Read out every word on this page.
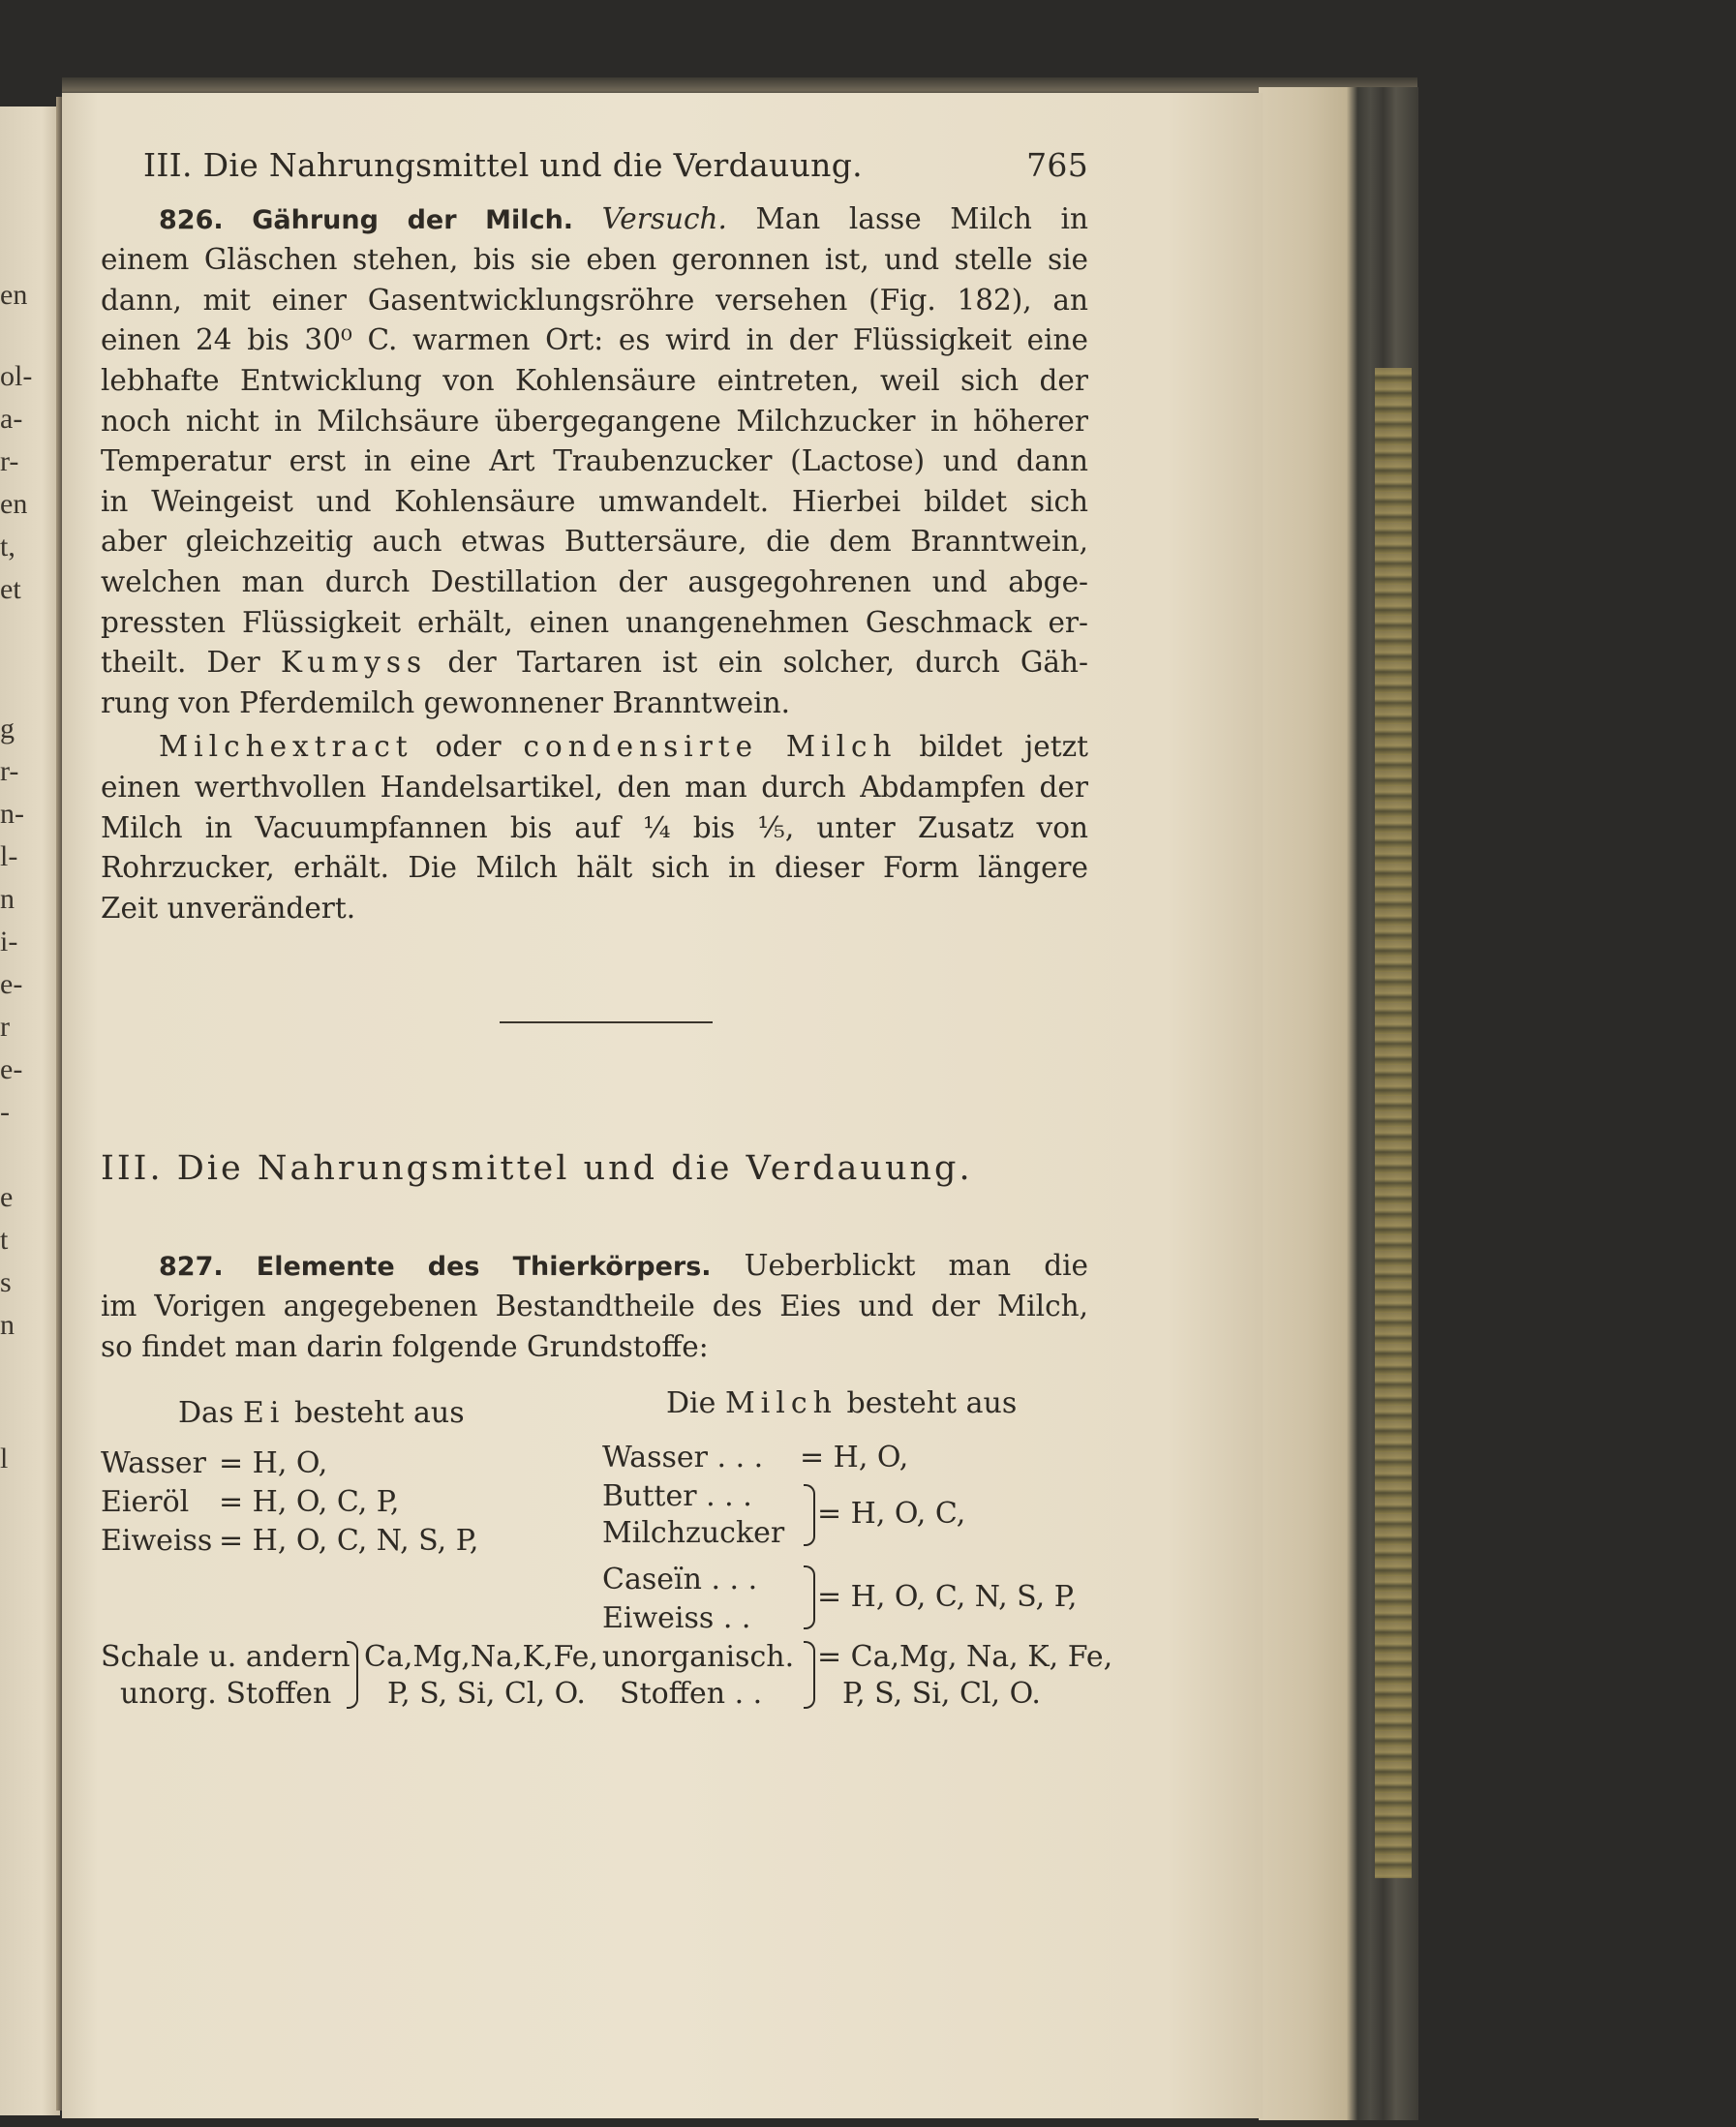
en
ol-
a-
r-
en
t,
et
g
r-
n-
l-
n
i-
e-
r
e-
-
e
t
s
n
l
III. Die Nahrungsmittel und die Verdauung.	765
826. Gährung der Milch. Versuch. Man lasse Milch in
einem Gläschen stehen, bis sie eben geronnen ist, und stelle sie
dann, mit einer Gasentwicklungsröhre versehen (Fig. 182), an
einen 24 bis 30⁰ C. warmen Ort: es wird in der Flüssigkeit eine
lebhafte Entwicklung von Kohlensäure eintreten, weil sich der
noch nicht in Milchsäure übergegangene Milchzucker in höherer
Temperatur erst in eine Art Traubenzucker (Lactose) und dann
in Weingeist und Kohlensäure umwandelt. Hierbei bildet sich
aber gleichzeitig auch etwas Buttersäure, die dem Branntwein,
welchen man durch Destillation der ausgegohrenen und abge-
pressten Flüssigkeit erhält, einen unangenehmen Geschmack er-
theilt. Der Kumyss der Tartaren ist ein solcher, durch Gäh-
rung von Pferdemilch gewonnener Branntwein.
Milchextract oder condensirte Milch bildet jetzt
einen werthvollen Handelsartikel, den man durch Abdampfen der
Milch in Vacuumpfannen bis auf ¼ bis ⅕, unter Zusatz von
Rohrzucker, erhält. Die Milch hält sich in dieser Form längere
Zeit unverändert.
III. Die Nahrungsmittel und die Verdauung.
827. Elemente des Thierkörpers. Ueberblickt man die
im Vorigen angegebenen Bestandtheile des Eies und der Milch,
so findet man darin folgende Grundstoffe:
Das Ei besteht aus	Die Milch besteht aus
Wasser = H, O,
Eieröl = H, O, C, P,
Eiweiss = H, O, C, N, S, P,
Schale u. andern
unorg. Stoffen
Ca,Mg,Na,K,Fe,
P, S, Si, Cl, O.
Wasser . . . = H, O,
Butter . . .
Milchzucker
= H, O, C,
Caseïn . . .
Eiweiss . .
= H, O, C, N, S, P,
unorganisch.
Stoffen . .
= Ca,Mg, Na, K, Fe,
P, S, Si, Cl, O.
